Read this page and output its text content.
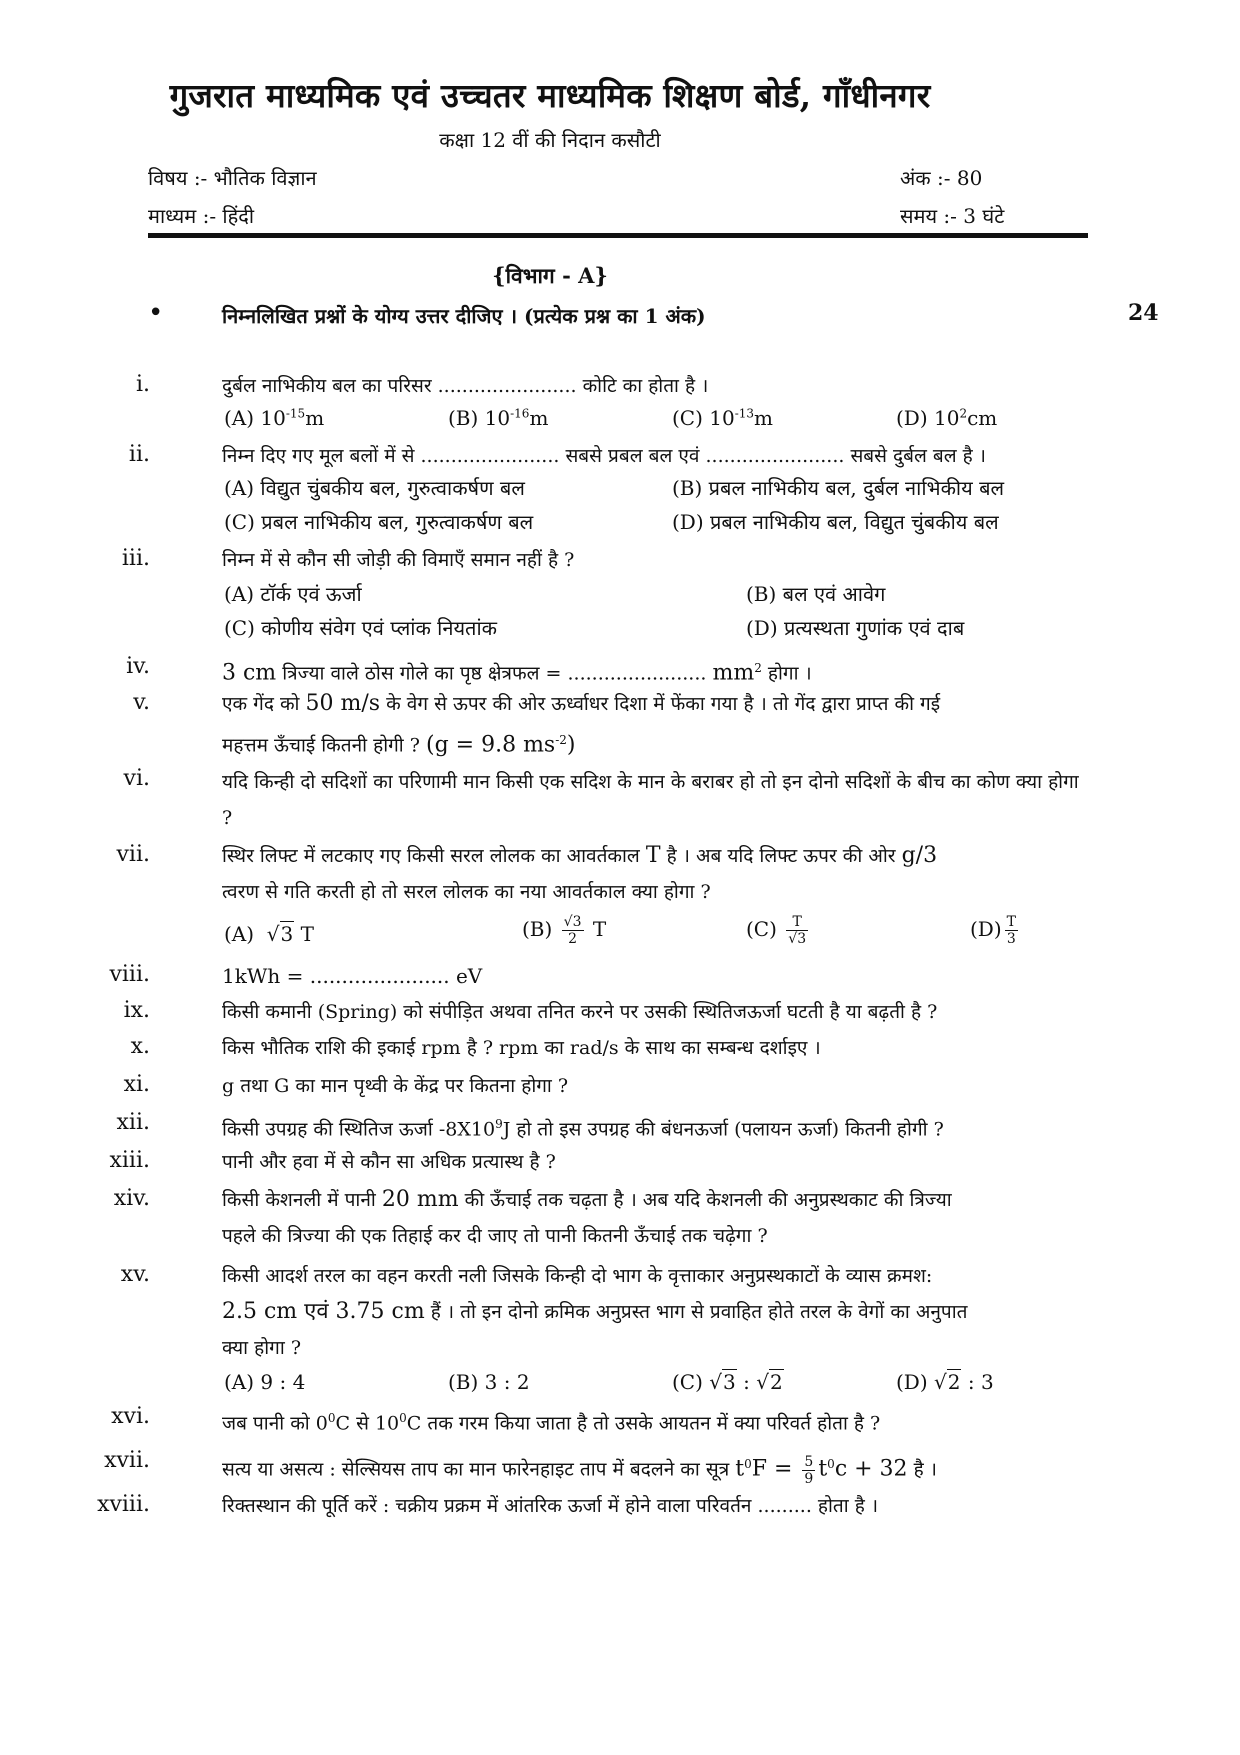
गुजरात माध्यमिक एवं उच्चतर माध्यमिक शिक्षण बोर्ड, गाँधीनगर
कक्षा 12 वीं की निदान कसौटी
विषय :- भौतिक विज्ञान	अंक :- 80
माध्यम :- हिंदी	समय :- 3 घंटे
{विभाग - A}
•	निम्नलिखित प्रश्नों के योग्य उत्तर दीजिए । (प्रत्येक प्रश्न का 1 अंक)	24
i.	दुर्बल नाभिकीय बल का परिसर ....................... कोटि का होता है ।
(A) $10^{-15}m$	(B) $10^{-16}m$	(C) $10^{-13}m$	(D) $10^2cm$
ii.	निम्न दिए गए मूल बलों में से ....................... सबसे प्रबल बल एवं ....................... सबसे दुर्बल बल है ।
(A) विद्युत चुंबकीय बल, गुरुत्वाकर्षण बल	(B) प्रबल नाभिकीय बल, दुर्बल नाभिकीय बल
(C) प्रबल नाभिकीय बल, गुरुत्वाकर्षण बल	(D) प्रबल नाभिकीय बल, विद्युत चुंबकीय बल
iii.	निम्न में से कौन सी जोड़ी की विमाएँ समान नहीं है ?
(A) टॉर्क एवं ऊर्जा	(B) बल एवं आवेग
(C) कोणीय संवेग एवं प्लांक नियतांक	(D) प्रत्यस्थता गुणांक एवं दाब
iv.	3 cm त्रिज्या वाले ठोस गोले का पृष्ठ क्षेत्रफल = ....................... $mm^2$ होगा ।
v.	एक गेंद को 50 m/s के वेग से ऊपर की ओर ऊर्ध्वाधर दिशा में फेंका गया है । तो गेंद द्वारा प्राप्त की गई
महत्तम ऊँचाई कितनी होगी ? (g = 9.8 $ms^{-2}$)
vi.	यदि किन्ही दो सदिशों का परिणामी मान किसी एक सदिश के मान के बराबर हो तो इन दोनो सदिशों के बीच का कोण क्या होगा ?
vii.	स्थिर लिफ्ट में लटकाए गए किसी सरल लोलक का आवर्तकाल T है । अब यदि लिफ्ट ऊपर की ओर g/3
त्वरण से गति करती हो तो सरल लोलक का नया आवर्तकाल क्या होगा ?
(A)  √3 T	$(B) \frac{√3}{2}$ T	$(C) \frac{T}{√3}$	$(D) \frac{T}{3}$
viii.	1kWh = ...................... eV
ix.	किसी कमानी (Spring) को संपीड़ित अथवा तनित करने पर उसकी स्थितिजऊर्जा घटती है या बढ़ती है ?
x.	किस भौतिक राशि की इकाई rpm है ? rpm का rad/s के साथ का सम्बन्ध दर्शाइए ।
xi.	g तथा G का मान पृथ्वी के केंद्र पर कितना होगा ?
xii.	किसी उपग्रह की स्थितिज ऊर्जा $-8X10^9J$ हो तो इस उपग्रह की बंधनऊर्जा (पलायन ऊर्जा) कितनी होगी ?
xiii.	पानी और हवा में से कौन सा अधिक प्रत्यास्थ है ?
xiv.	किसी केशनली में पानी 20 mm की ऊँचाई तक चढ़ता है । अब यदि केशनली की अनुप्रस्थकाट की त्रिज्या
पहले की त्रिज्या की एक तिहाई कर दी जाए तो पानी कितनी ऊँचाई तक चढ़ेगा ?
xv.	किसी आदर्श तरल का वहन करती नली जिसके किन्ही दो भाग के वृत्ताकार अनुप्रस्थकाटों के व्यास क्रमश:
2.5 cm एवं 3.75 cm हैं । तो इन दोनो क्रमिक अनुप्रस्त भाग से प्रवाहित होते तरल के वेगों का अनुपात
क्या होगा ?
(A) 9 : 4	(B) 3 : 2	(C) √3 : √2	(D) √2 : 3
xvi.	जब पानी को $0^0C$ से $10^0C$ तक गरम किया जाता है तो उसके आयतन में क्या परिवर्त होता है ?
xvii.	सत्य या असत्य : सेल्सियस ताप का मान फारेनहाइट ताप में बदलने का सूत्र $t^0F = \frac{5}{9} t^0c + 32$ है ।
xviii.	रिक्तस्थान की पूर्ति करें : चक्रीय प्रक्रम में आंतरिक ऊर्जा में होने वाला परिवर्तन ......... होता है ।
